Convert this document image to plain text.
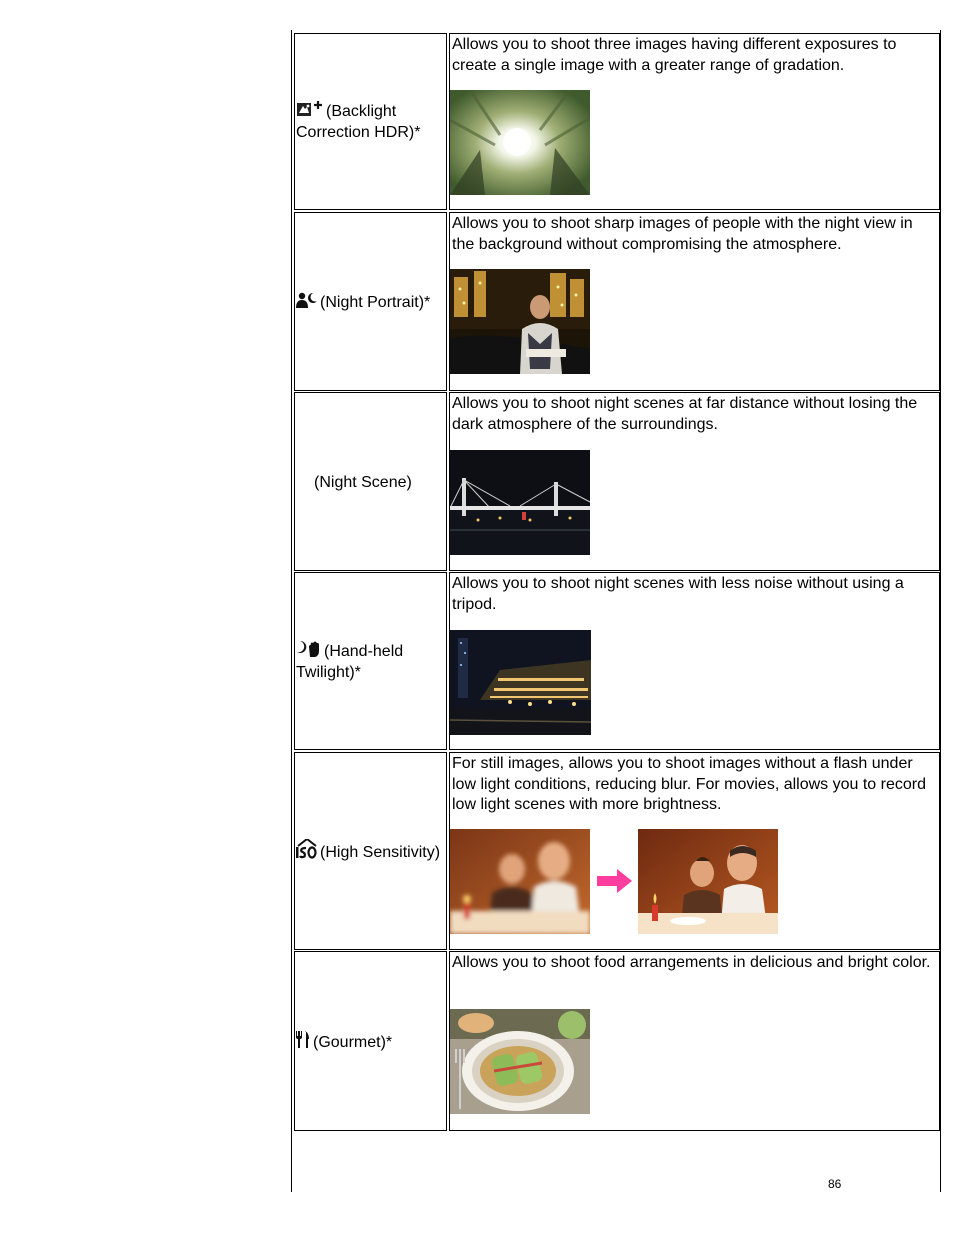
(Backlight Correction HDR)*

Allows you to shoot three images having different exposures to create a single image with a greater range of gradation.

(Night Portrait)*

Allows you to shoot sharp images of people with the night view in the background without compromising the atmosphere.

(Night Scene)

Allows you to shoot night scenes at far distance without losing the dark atmosphere of the surroundings.

(Hand-held Twilight)*

Allows you to shoot night scenes with less noise without using a tripod.

(High Sensitivity)

For still images, allows you to shoot images without a flash under low light conditions, reducing blur. For movies, allows you to record low light scenes with more brightness.

(Gourmet)*

Allows you to shoot food arrangements in delicious and bright color.

86
